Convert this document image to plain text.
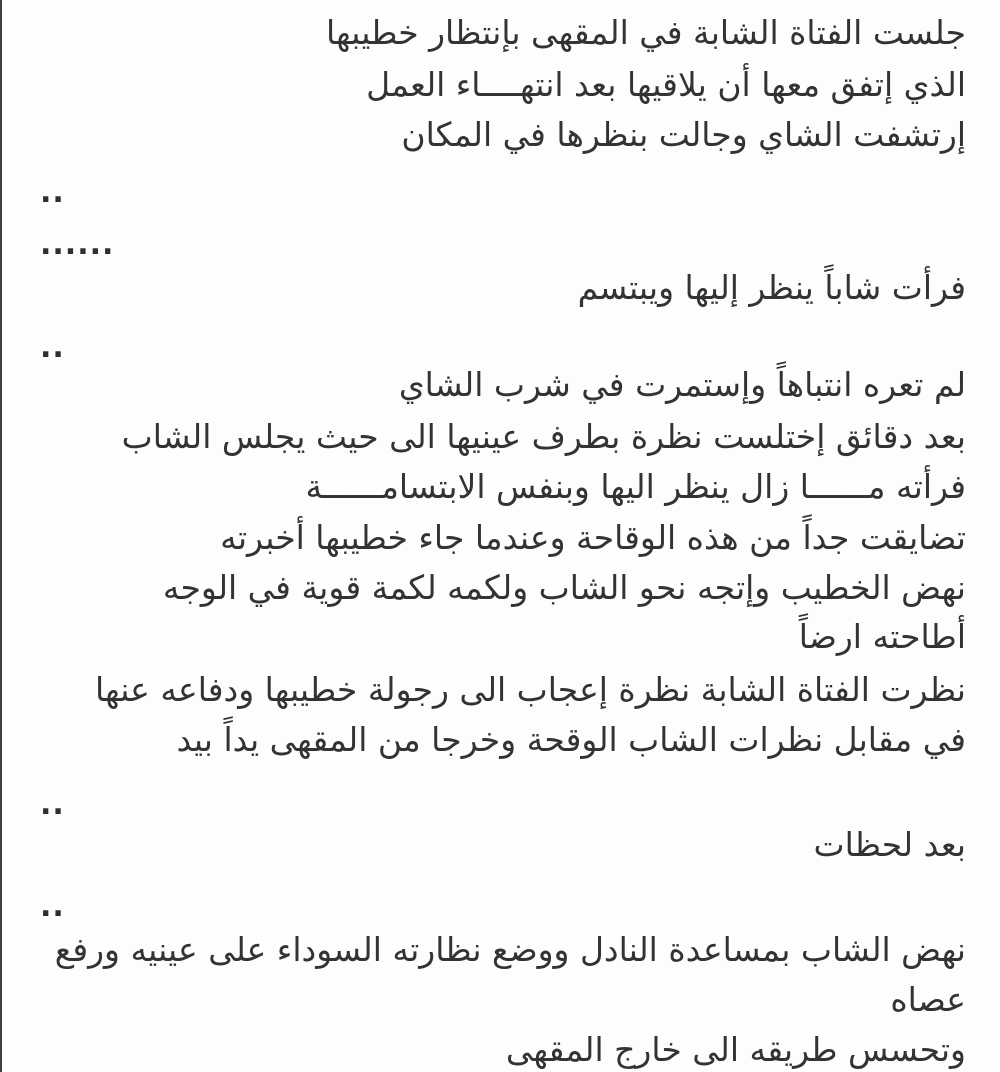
جلست الفتاة الشابة في المقهى بإنتظار خطيبها
الذي إتفق معها أن يلاقيها بعد انتهــــاء العمل
إرتشفت الشاي وجالت بنظرها في المكان
..
......
فرأت شاباً ينظر إليها ويبتسم
..
لم تعره انتباهاً وإستمرت في شرب الشاي
بعد دقائق إختلست نظرة بطرف عينيها الى حيث يجلس الشاب
فرأته مــــــا زال ينظر اليها وبنفس الابتسامــــــة
تضايقت جداً من هذه الوقاحة وعندما جاء خطيبها أخبرته
نهض الخطيب وإتجه نحو الشاب ولكمه لكمة قوية في الوجه
أطاحته ارضاً
نظرت الفتاة الشابة نظرة إعجاب الى رجولة خطيبها ودفاعه عنها
في مقابل نظرات الشاب الوقحة وخرجا من المقهى يداً بيد
..
بعد لحظات
..
نهض الشاب بمساعدة النادل ووضع نظارته السوداء على عينيه ورفع
عصاه
وتحسس طريقه الى خارج المقهى
